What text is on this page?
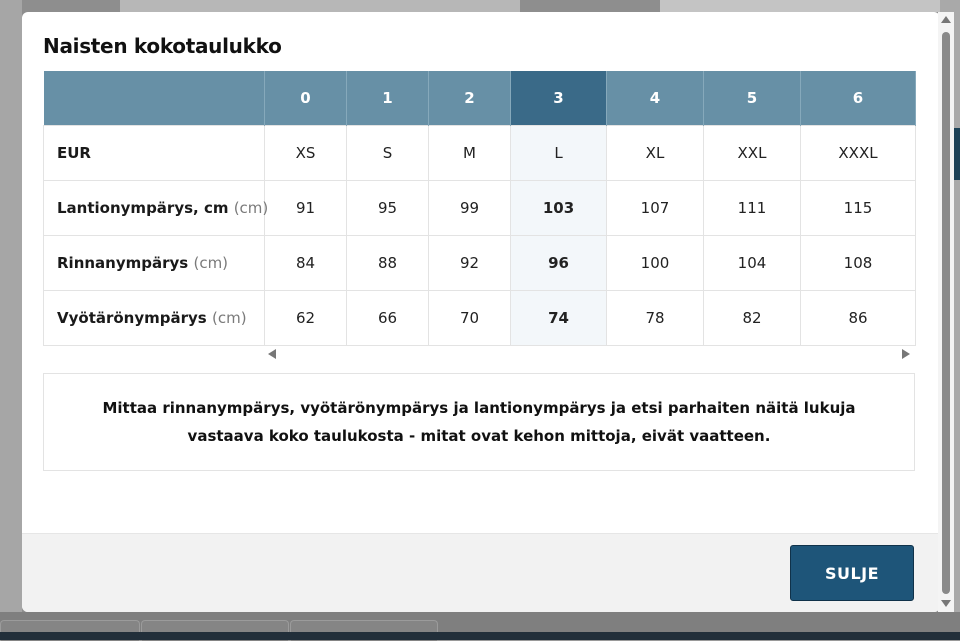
Naisten kokotaulukko
	0	1	2	3	4	5	6
EUR	XS	S	M	L	XL	XXL	XXXL
Lantionympärys, cm (cm)	91	95	99	103	107	111	115
Rinnanympärys (cm)	84	88	92	96	100	104	108
Vyötärönympärys (cm)	62	66	70	74	78	82	86
Mittaa rinnanympärys, vyötärönympärys ja lantionympärys ja etsi parhaiten näitä lukuja vastaava koko taulukosta - mitat ovat kehon mittoja, eivät vaatteen.
SULJE
